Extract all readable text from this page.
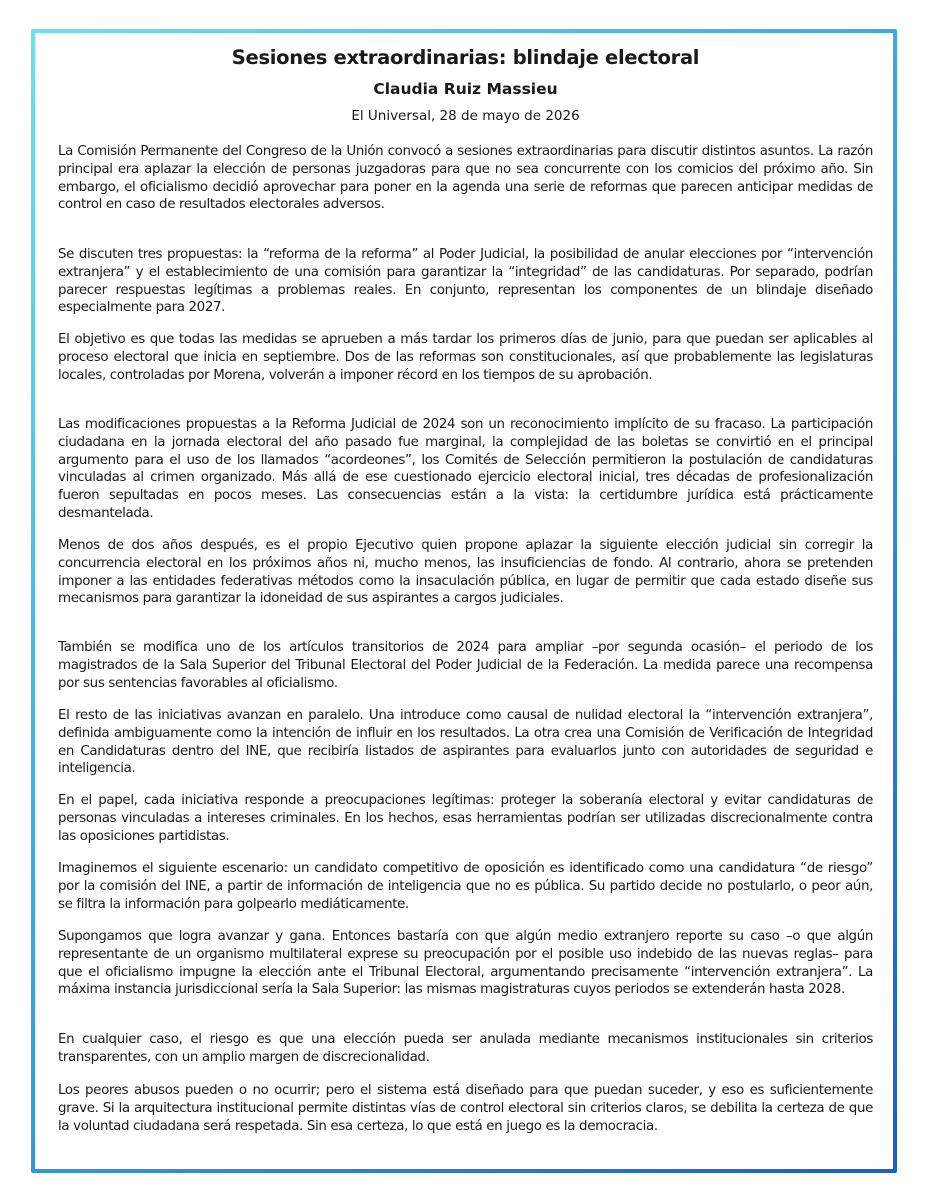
Sesiones extraordinarias: blindaje electoral
Claudia Ruiz Massieu
El Universal, 28 de mayo de 2026

La Comisión Permanente del Congreso de la Unión convocó a sesiones extraordinarias para discutir distintos asuntos. La razón principal era aplazar la elección de personas juzgadoras para que no sea concurrente con los comicios del próximo año. Sin embargo, el oficialismo decidió aprovechar para poner en la agenda una serie de reformas que parecen anticipar medidas de control en caso de resultados electorales adversos.

Se discuten tres propuestas: la “reforma de la reforma” al Poder Judicial, la posibilidad de anular elecciones por “intervención extranjera” y el establecimiento de una comisión para garantizar la “integridad” de las candidaturas. Por separado, podrían parecer respuestas legítimas a problemas reales. En conjunto, representan los componentes de un blindaje diseñado especialmente para 2027.

El objetivo es que todas las medidas se aprueben a más tardar los primeros días de junio, para que puedan ser aplicables al proceso electoral que inicia en septiembre. Dos de las reformas son constitucionales, así que probablemente las legislaturas locales, controladas por Morena, volverán a imponer récord en los tiempos de su aprobación.

Las modificaciones propuestas a la Reforma Judicial de 2024 son un reconocimiento implícito de su fracaso. La participación ciudadana en la jornada electoral del año pasado fue marginal, la complejidad de las boletas se convirtió en el principal argumento para el uso de los llamados “acordeones”, los Comités de Selección permitieron la postulación de candidaturas vinculadas al crimen organizado. Más allá de ese cuestionado ejercicio electoral inicial, tres décadas de profesionalización fueron sepultadas en pocos meses. Las consecuencias están a la vista: la certidumbre jurídica está prácticamente desmantelada.

Menos de dos años después, es el propio Ejecutivo quien propone aplazar la siguiente elección judicial sin corregir la concurrencia electoral en los próximos años ni, mucho menos, las insuficiencias de fondo. Al contrario, ahora se pretenden imponer a las entidades federativas métodos como la insaculación pública, en lugar de permitir que cada estado diseñe sus mecanismos para garantizar la idoneidad de sus aspirantes a cargos judiciales.

También se modifica uno de los artículos transitorios de 2024 para ampliar –por segunda ocasión– el periodo de los magistrados de la Sala Superior del Tribunal Electoral del Poder Judicial de la Federación. La medida parece una recompensa por sus sentencias favorables al oficialismo.

El resto de las iniciativas avanzan en paralelo. Una introduce como causal de nulidad electoral la “intervención extranjera”, definida ambiguamente como la intención de influir en los resultados. La otra crea una Comisión de Verificación de Integridad en Candidaturas dentro del INE, que recibiría listados de aspirantes para evaluarlos junto con autoridades de seguridad e inteligencia.

En el papel, cada iniciativa responde a preocupaciones legítimas: proteger la soberanía electoral y evitar candidaturas de personas vinculadas a intereses criminales. En los hechos, esas herramientas podrían ser utilizadas discrecionalmente contra las oposiciones partidistas.

Imaginemos el siguiente escenario: un candidato competitivo de oposición es identificado como una candidatura “de riesgo” por la comisión del INE, a partir de información de inteligencia que no es pública. Su partido decide no postularlo, o peor aún, se filtra la información para golpearlo mediáticamente.

Supongamos que logra avanzar y gana. Entonces bastaría con que algún medio extranjero reporte su caso –o que algún representante de un organismo multilateral exprese su preocupación por el posible uso indebido de las nuevas reglas– para que el oficialismo impugne la elección ante el Tribunal Electoral, argumentando precisamente “intervención extranjera”. La máxima instancia jurisdiccional sería la Sala Superior: las mismas magistraturas cuyos periodos se extenderán hasta 2028.

En cualquier caso, el riesgo es que una elección pueda ser anulada mediante mecanismos institucionales sin criterios transparentes, con un amplio margen de discrecionalidad.

Los peores abusos pueden o no ocurrir; pero el sistema está diseñado para que puedan suceder, y eso es suficientemente grave. Si la arquitectura institucional permite distintas vías de control electoral sin criterios claros, se debilita la certeza de que la voluntad ciudadana será respetada. Sin esa certeza, lo que está en juego es la democracia.
